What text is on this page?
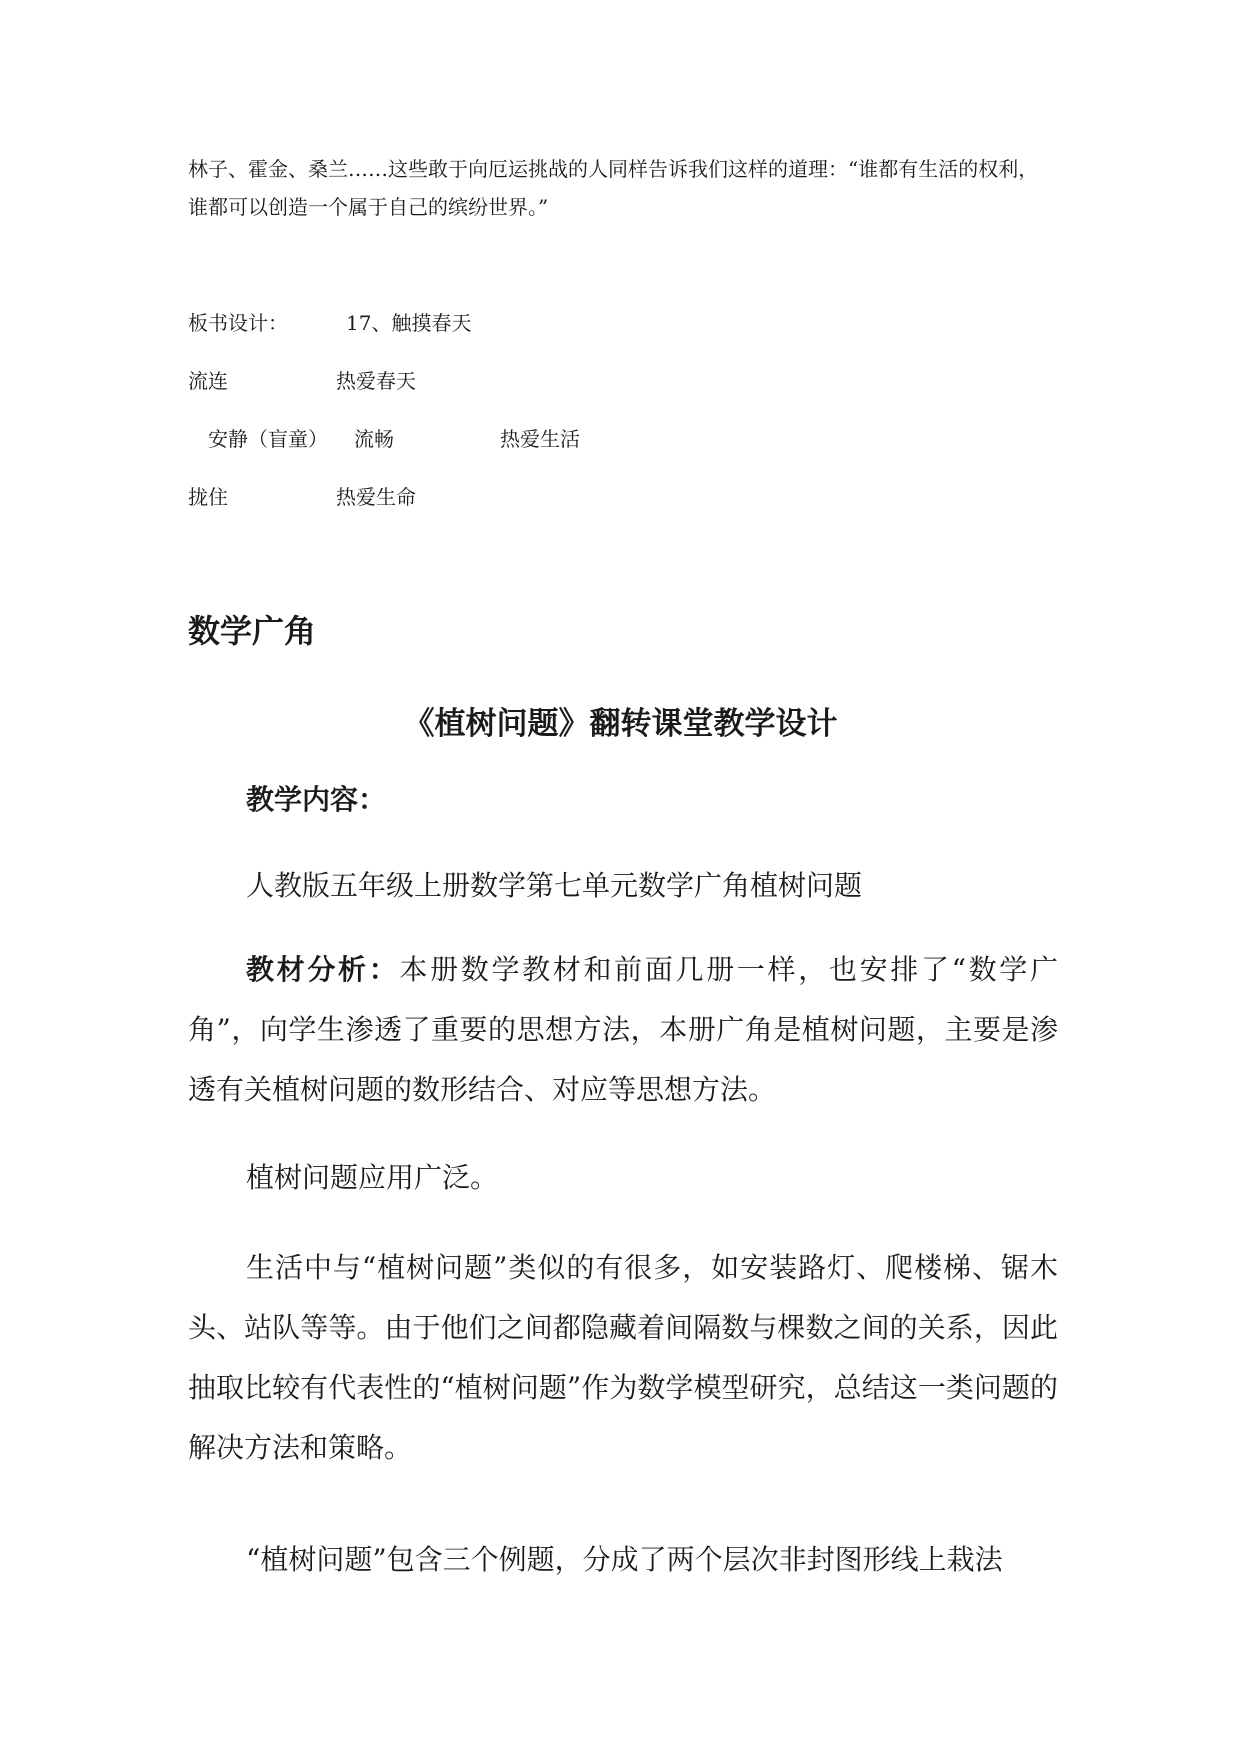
林子、霍金、桑兰……这些敢于向厄运挑战的人同样告诉我们这样的道理：“谁都有生活的权利，谁都可以创造一个属于自己的缤纷世界。”
板书设计：	17、触摸春天
流连	热爱春天
安静（盲童） 流畅	热爱生活
拢住	热爱生命
数学广角
《植树问题》翻转课堂教学设计
教学内容：
人教版五年级上册数学第七单元数学广角植树问题
教材分析：本册数学教材和前面几册一样，也安排了“数学广角”，向学生渗透了重要的思想方法，本册广角是植树问题，主要是渗透有关植树问题的数形结合、对应等思想方法。
植树问题应用广泛。
生活中与“植树问题”类似的有很多，如安装路灯、爬楼梯、锯木头、站队等等。由于他们之间都隐藏着间隔数与棵数之间的关系，因此抽取比较有代表性的“植树问题”作为数学模型研究，总结这一类问题的解决方法和策略。
“植树问题”包含三个例题，分成了两个层次非封图形线上栽法
